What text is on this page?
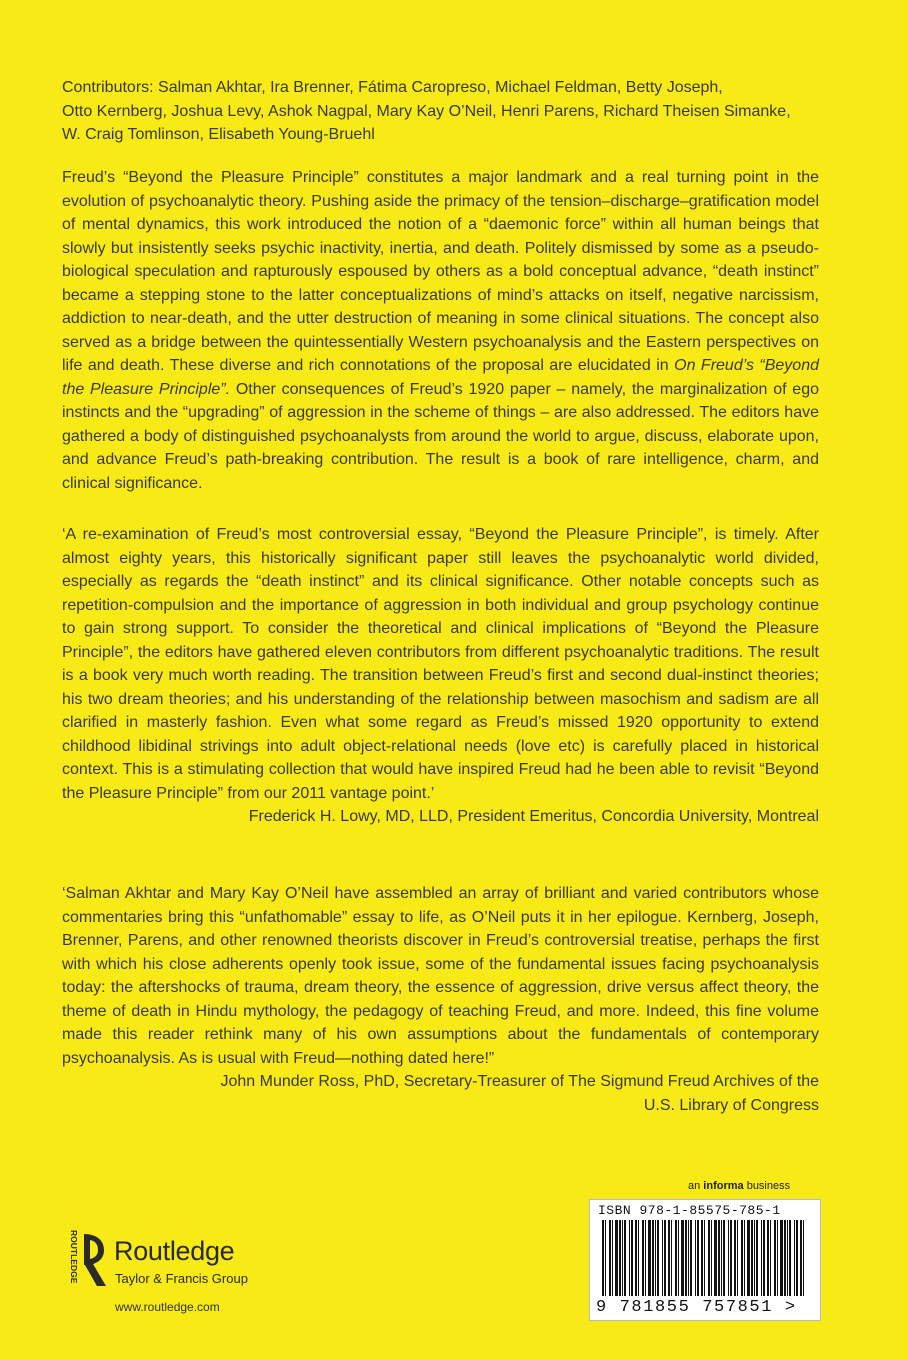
Contributors: Salman Akhtar, Ira Brenner, Fátima Caropreso, Michael Feldman, Betty Joseph,
Otto Kernberg, Joshua Levy, Ashok Nagpal, Mary Kay O’Neil, Henri Parens, Richard Theisen Simanke,
W. Craig Tomlinson, Elisabeth Young-Bruehl

Freud’s “Beyond the Pleasure Principle” constitutes a major landmark and a real turning point in the evolution of psychoanalytic theory. Pushing aside the primacy of the tension–discharge–gratification model of mental dynamics, this work introduced the notion of a “daemonic force” within all human beings that slowly but insistently seeks psychic inactivity, inertia, and death. Politely dismissed by some as a pseudo-biological speculation and rapturously espoused by others as a bold conceptual advance, “death instinct” became a stepping stone to the latter conceptualizations of mind’s attacks on itself, negative narcissism, addiction to near-death, and the utter destruction of meaning in some clinical situations. The concept also served as a bridge between the quintessentially Western psychoanalysis and the Eastern perspectives on life and death. These diverse and rich connotations of the proposal are elucidated in On Freud’s “Beyond the Pleasure Principle”. Other consequences of Freud’s 1920 paper – namely, the marginalization of ego instincts and the “upgrading” of aggression in the scheme of things – are also addressed. The editors have gathered a body of distinguished psychoanalysts from around the world to argue, discuss, elaborate upon, and advance Freud’s path-breaking contribution. The result is a book of rare intelligence, charm, and clinical significance.

‘A re-examination of Freud’s most controversial essay, “Beyond the Pleasure Principle”, is timely. After almost eighty years, this historically significant paper still leaves the psychoanalytic world divided, especially as regards the “death instinct” and its clinical significance. Other notable concepts such as repetition-compulsion and the importance of aggression in both individual and group psychology continue to gain strong support. To consider the theoretical and clinical implications of “Beyond the Pleasure Principle”, the editors have gathered eleven contributors from different psychoanalytic traditions. The result is a book very much worth reading. The transition between Freud’s first and second dual-instinct theories; his two dream theories; and his understanding of the relationship between masochism and sadism are all clarified in masterly fashion. Even what some regard as Freud’s missed 1920 opportunity to extend childhood libidinal strivings into adult object-relational needs (love etc) is carefully placed in historical context. This is a stimulating collection that would have inspired Freud had he been able to revisit “Beyond the Pleasure Principle” from our 2011 vantage point.’

Frederick H. Lowy, MD, LLD, President Emeritus, Concordia University, Montreal

‘Salman Akhtar and Mary Kay O’Neil have assembled an array of brilliant and varied contributors whose commentaries bring this “unfathomable” essay to life, as O’Neil puts it in her epilogue. Kernberg, Joseph, Brenner, Parens, and other renowned theorists discover in Freud’s controversial treatise, perhaps the first with which his close adherents openly took issue, some of the fundamental issues facing psychoanalysis today: the aftershocks of trauma, dream theory, the essence of aggression, drive versus affect theory, the theme of death in Hindu mythology, the pedagogy of teaching Freud, and more. Indeed, this fine volume made this reader rethink many of his own assumptions about the fundamentals of contemporary psychoanalysis. As is usual with Freud—nothing dated here!”

John Munder Ross, PhD, Secretary-Treasurer of The Sigmund Freud Archives of the

U.S. Library of Congress

an informa business
ISBN 978-1-85575-785-1
9 781855 757851 >
ROUTLEDGE Routledge
Taylor & Francis Group
www.routledge.com
